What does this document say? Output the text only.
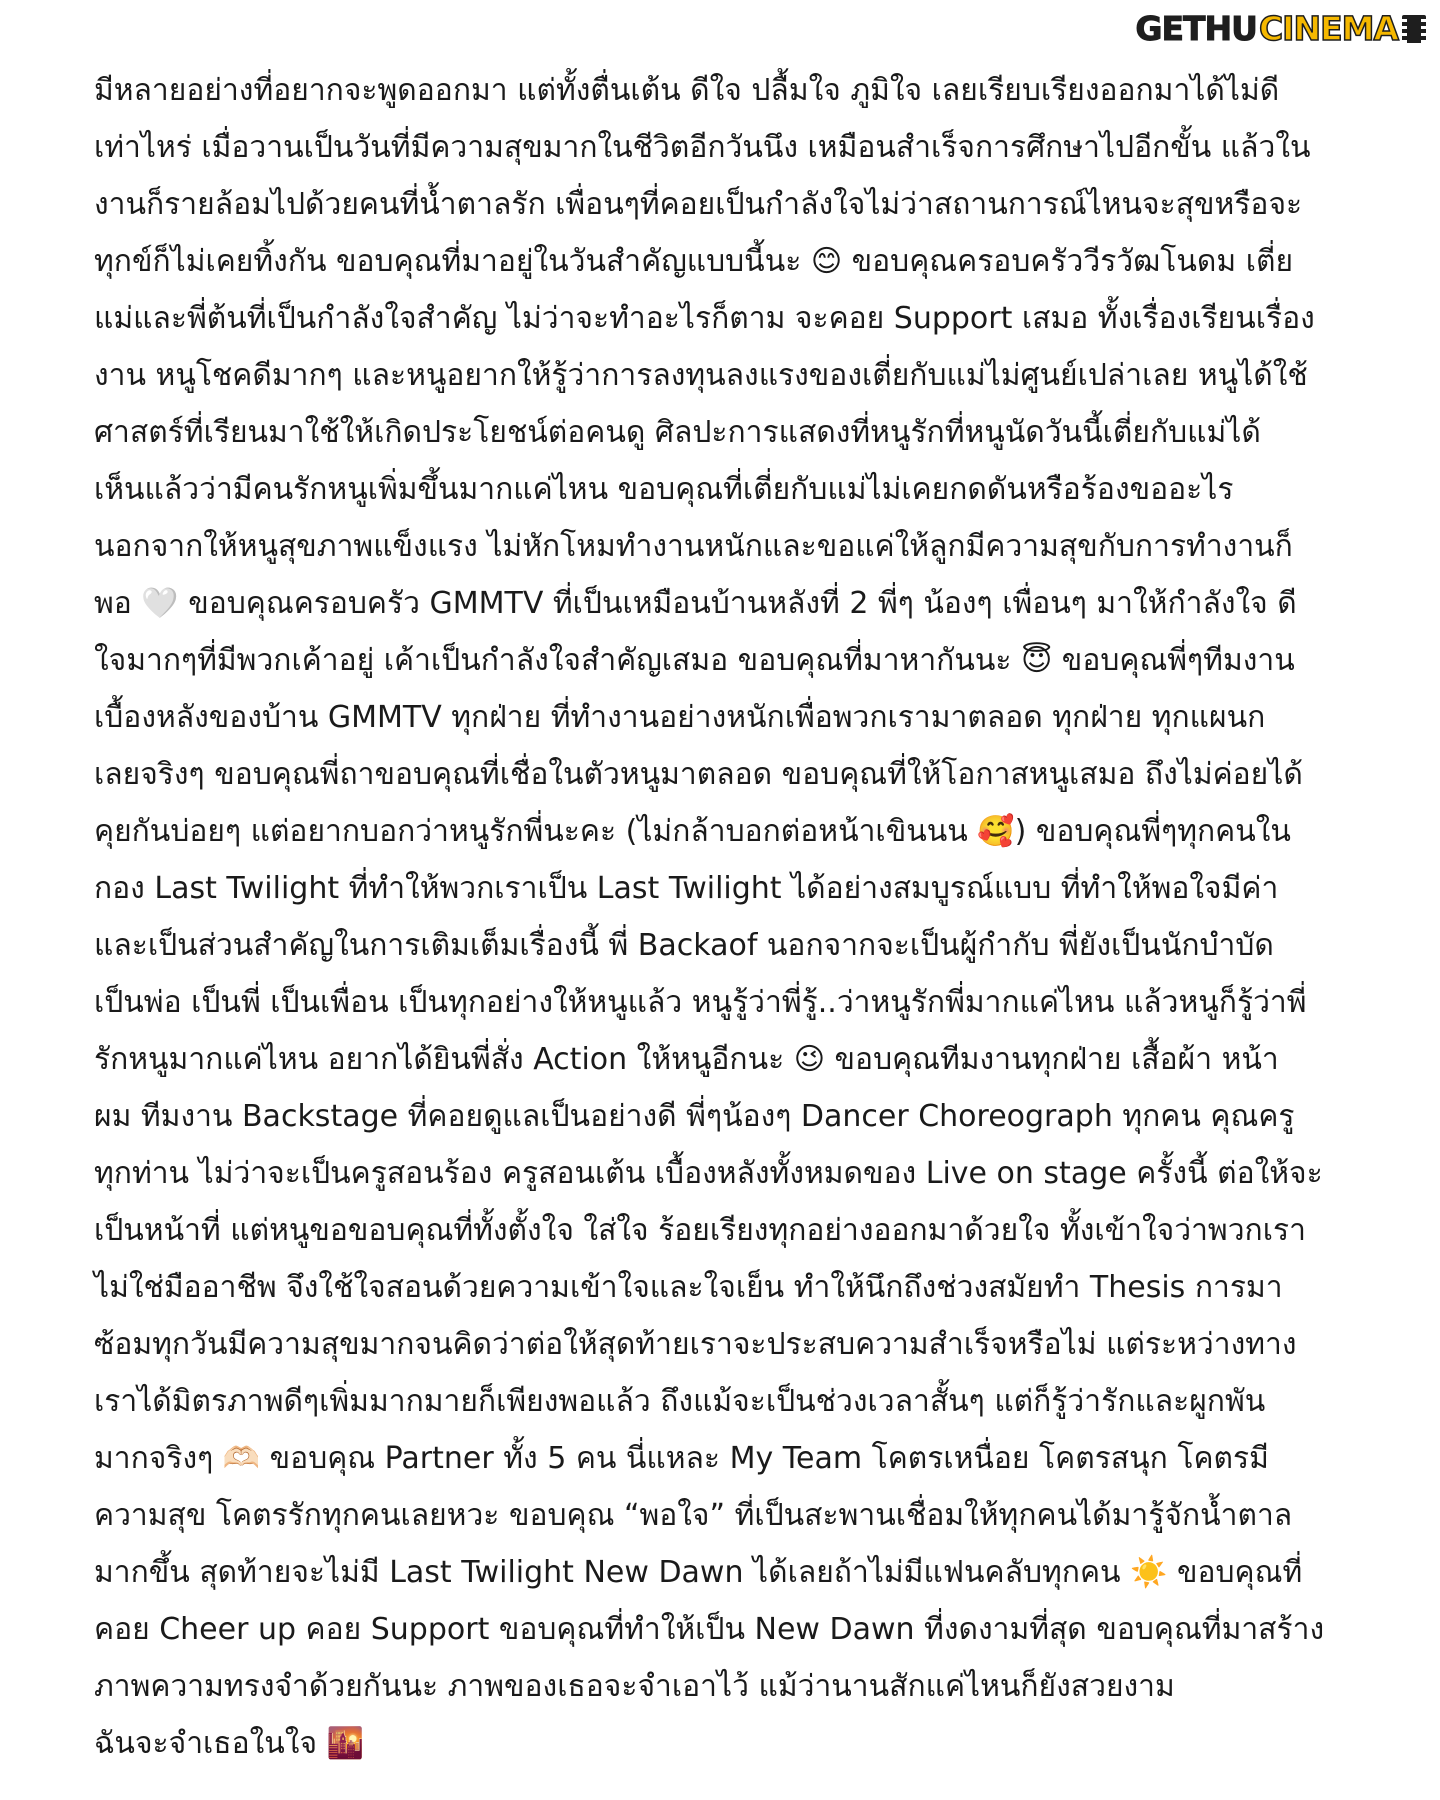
GETHU CINEMA
มีหลายอย่างที่อยากจะพูดออกมา แต่ทั้งตื่นเต้น ดีใจ ปลื้มใจ ภูมิใจ เลยเรียบเรียงออกมาได้ไม่ดี
เท่าไหร่ เมื่อวานเป็นวันที่มีความสุขมากในชีวิตอีกวันนึง เหมือนสำเร็จการศึกษาไปอีกขั้น แล้วใน
งานก็รายล้อมไปด้วยคนที่น้ำตาลรัก เพื่อนๆที่คอยเป็นกำลังใจไม่ว่าสถานการณ์ไหนจะสุขหรือจะ
ทุกข์ก็ไม่เคยทิ้งกัน ขอบคุณที่มาอยู่ในวันสำคัญแบบนี้นะ 😊 ขอบคุณครอบครัววีรวัฒโนดม เตี่ย
แม่และพี่ต้นที่เป็นกำลังใจสำคัญ ไม่ว่าจะทำอะไรก็ตาม จะคอย Support เสมอ ทั้งเรื่องเรียนเรื่อง
งาน หนูโชคดีมากๆ และหนูอยากให้รู้ว่าการลงทุนลงแรงของเตี่ยกับแม่ไม่ศูนย์เปล่าเลย หนูได้ใช้
ศาสตร์ที่เรียนมาใช้ให้เกิดประโยชน์ต่อคนดู ศิลปะการแสดงที่หนูรักที่หนูนัดวันนี้เตี่ยกับแม่ได้
เห็นแล้วว่ามีคนรักหนูเพิ่มขึ้นมากแค่ไหน ขอบคุณที่เตี่ยกับแม่ไม่เคยกดดันหรือร้องขออะไร
นอกจากให้หนูสุขภาพแข็งแรง ไม่หักโหมทำงานหนักและขอแค่ให้ลูกมีความสุขกับการทำงานก็
พอ 🤍 ขอบคุณครอบครัว GMMTV ที่เป็นเหมือนบ้านหลังที่ 2 พี่ๆ น้องๆ เพื่อนๆ มาให้กำลังใจ ดี
ใจมากๆที่มีพวกเค้าอยู่ เค้าเป็นกำลังใจสำคัญเสมอ ขอบคุณที่มาหากันนะ 😇 ขอบคุณพี่ๆทีมงาน
เบื้องหลังของบ้าน GMMTV ทุกฝ่าย ที่ทำงานอย่างหนักเพื่อพวกเรามาตลอด ทุกฝ่าย ทุกแผนก
เลยจริงๆ ขอบคุณพี่ถาขอบคุณที่เชื่อในตัวหนูมาตลอด ขอบคุณที่ให้โอกาสหนูเสมอ ถึงไม่ค่อยได้
คุยกันบ่อยๆ แต่อยากบอกว่าหนูรักพี่นะคะ (ไม่กล้าบอกต่อหน้าเขินนน 🥰) ขอบคุณพี่ๆทุกคนใน
กอง Last Twilight ที่ทำให้พวกเราเป็น Last Twilight ได้อย่างสมบูรณ์แบบ ที่ทำให้พอใจมีค่า
และเป็นส่วนสำคัญในการเติมเต็มเรื่องนี้ พี่ Backaof นอกจากจะเป็นผู้กำกับ พี่ยังเป็นนักบำบัด
เป็นพ่อ เป็นพี่ เป็นเพื่อน เป็นทุกอย่างให้หนูแล้ว หนูรู้ว่าพี่รู้..ว่าหนูรักพี่มากแค่ไหน แล้วหนูก็รู้ว่าพี่
รักหนูมากแค่ไหน อยากได้ยินพี่สั่ง Action ให้หนูอีกนะ 😉 ขอบคุณทีมงานทุกฝ่าย เสื้อผ้า หน้า
ผม ทีมงาน Backstage ที่คอยดูแลเป็นอย่างดี พี่ๆน้องๆ Dancer Choreograph ทุกคน คุณครู
ทุกท่าน ไม่ว่าจะเป็นครูสอนร้อง ครูสอนเต้น เบื้องหลังทั้งหมดของ Live on stage ครั้งนี้ ต่อให้จะ
เป็นหน้าที่ แต่หนูขอขอบคุณที่ทั้งตั้งใจ ใส่ใจ ร้อยเรียงทุกอย่างออกมาด้วยใจ ทั้งเข้าใจว่าพวกเรา
ไม่ใช่มืออาชีพ จึงใช้ใจสอนด้วยความเข้าใจและใจเย็น ทำให้นึกถึงช่วงสมัยทำ Thesis การมา
ซ้อมทุกวันมีความสุขมากจนคิดว่าต่อให้สุดท้ายเราจะประสบความสำเร็จหรือไม่ แต่ระหว่างทาง
เราได้มิตรภาพดีๆเพิ่มมากมายก็เพียงพอแล้ว ถึงแม้จะเป็นช่วงเวลาสั้นๆ แต่ก็รู้ว่ารักและผูกพัน
มากจริงๆ 🫶🏻 ขอบคุณ Partner ทั้ง 5 คน นี่แหละ My Team โคตรเหนื่อย โคตรสนุก โคตรมี
ความสุข โคตรรักทุกคนเลยหวะ ขอบคุณ “พอใจ” ที่เป็นสะพานเชื่อมให้ทุกคนได้มารู้จักน้ำตาล
มากขึ้น สุดท้ายจะไม่มี Last Twilight New Dawn ได้เลยถ้าไม่มีแฟนคลับทุกคน ☀️ ขอบคุณที่
คอย Cheer up คอย Support ขอบคุณที่ทำให้เป็น New Dawn ที่งดงามที่สุด ขอบคุณที่มาสร้าง
ภาพความทรงจำด้วยกันนะ ภาพของเธอจะจำเอาไว้ แม้ว่านานสักแค่ไหนก็ยังสวยงาม
ฉันจะจำเธอในใจ 🌇
